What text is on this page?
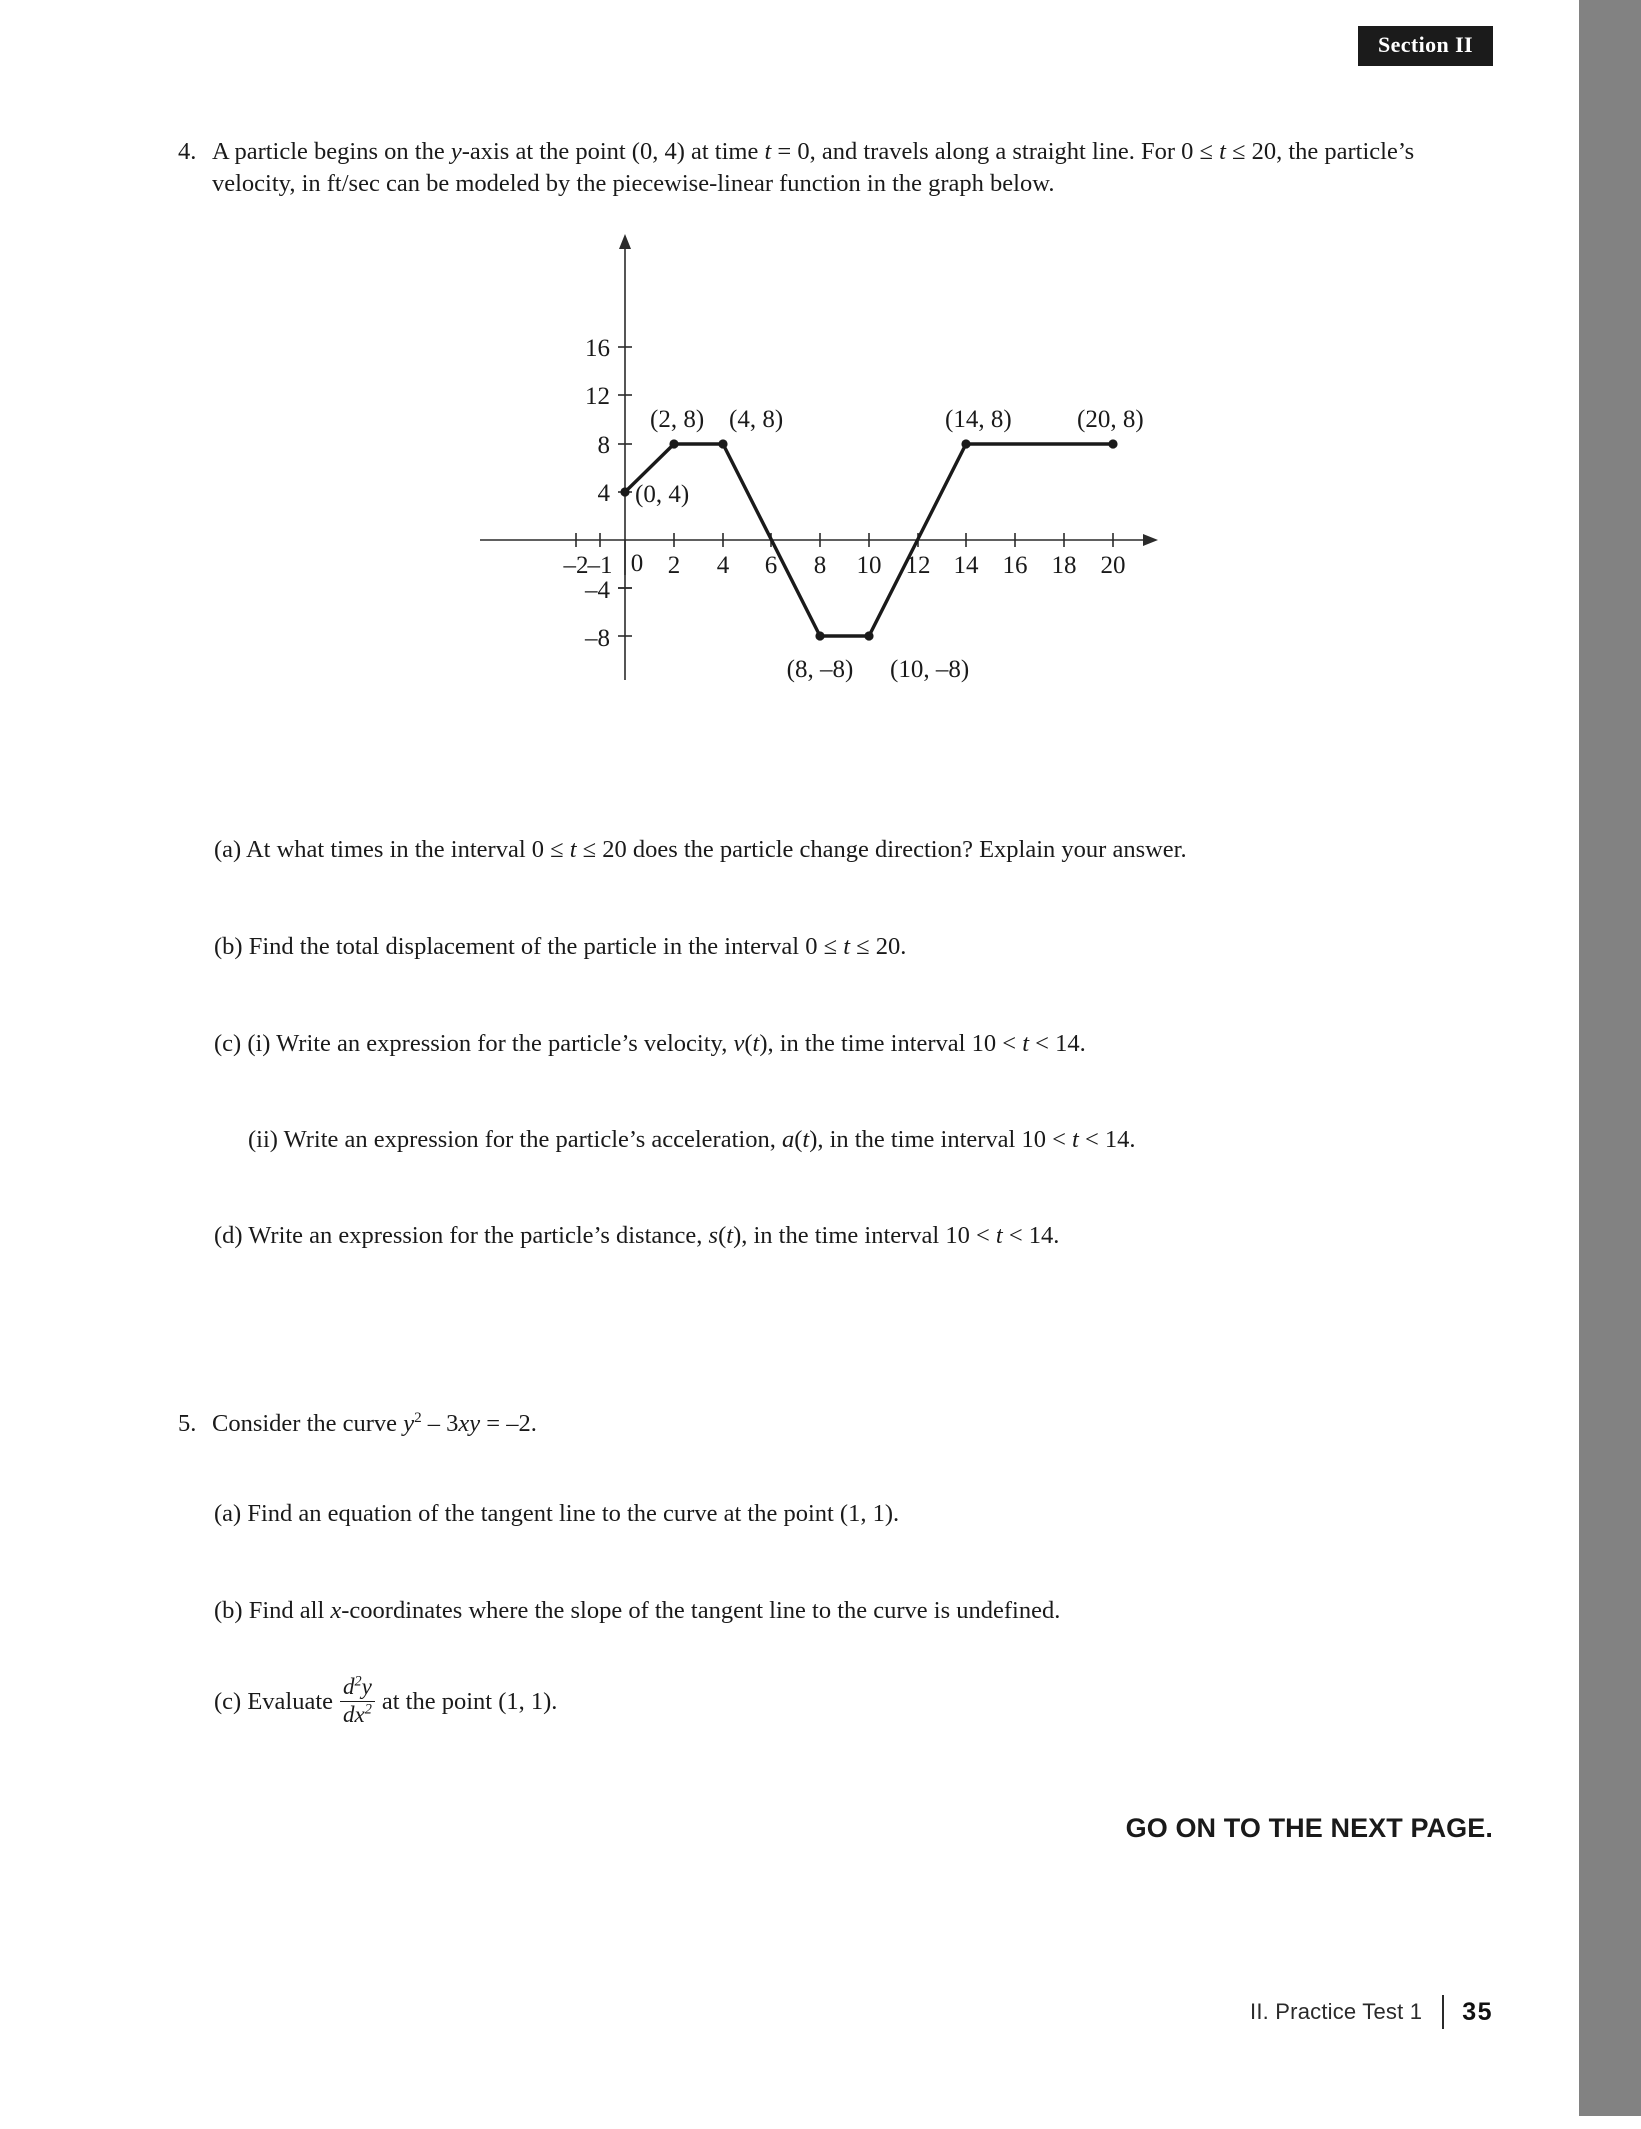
Section II
4. A particle begins on the y-axis at the point (0, 4) at time t = 0, and travels along a straight line. For 0 ≤ t ≤ 20, the particle’s
velocity, in ft/sec can be modeled by the piecewise-linear function in the graph below.
–2 –1 0 2 4 6 8 10 12 14 16 18 20
16
12
8
4
–4
(2, 8) (4, 8)	(14, 8)	(20, 8)
(0, 4)
–8
(8, –8) (10, –8)
(a) At what times in the interval 0 ≤ t ≤ 20 does the particle change direction? Explain your answer.
(b) Find the total displacement of the particle in the interval 0 ≤ t ≤ 20.
(c) (i) Write an expression for the particle’s velocity, v(t), in the time interval 10 < t < 14.
(ii) Write an expression for the particle’s acceleration, a(t), in the time interval 10 < t < 14.
(d) Write an expression for the particle’s distance, s(t), in the time interval 10 < t < 14.
5. Consider the curve $y^2 - 3xy = -2$.
(a) Find an equation of the tangent line to the curve at the point (1, 1).
(b) Find all x-coordinates where the slope of the tangent line to the curve is undefined.
(c)
Evaluate $\frac{d^2y}{dx^2}$ at the point (1, 1).
GO ON TO THE NEXT PAGE.
II. Practice Test 1 35
